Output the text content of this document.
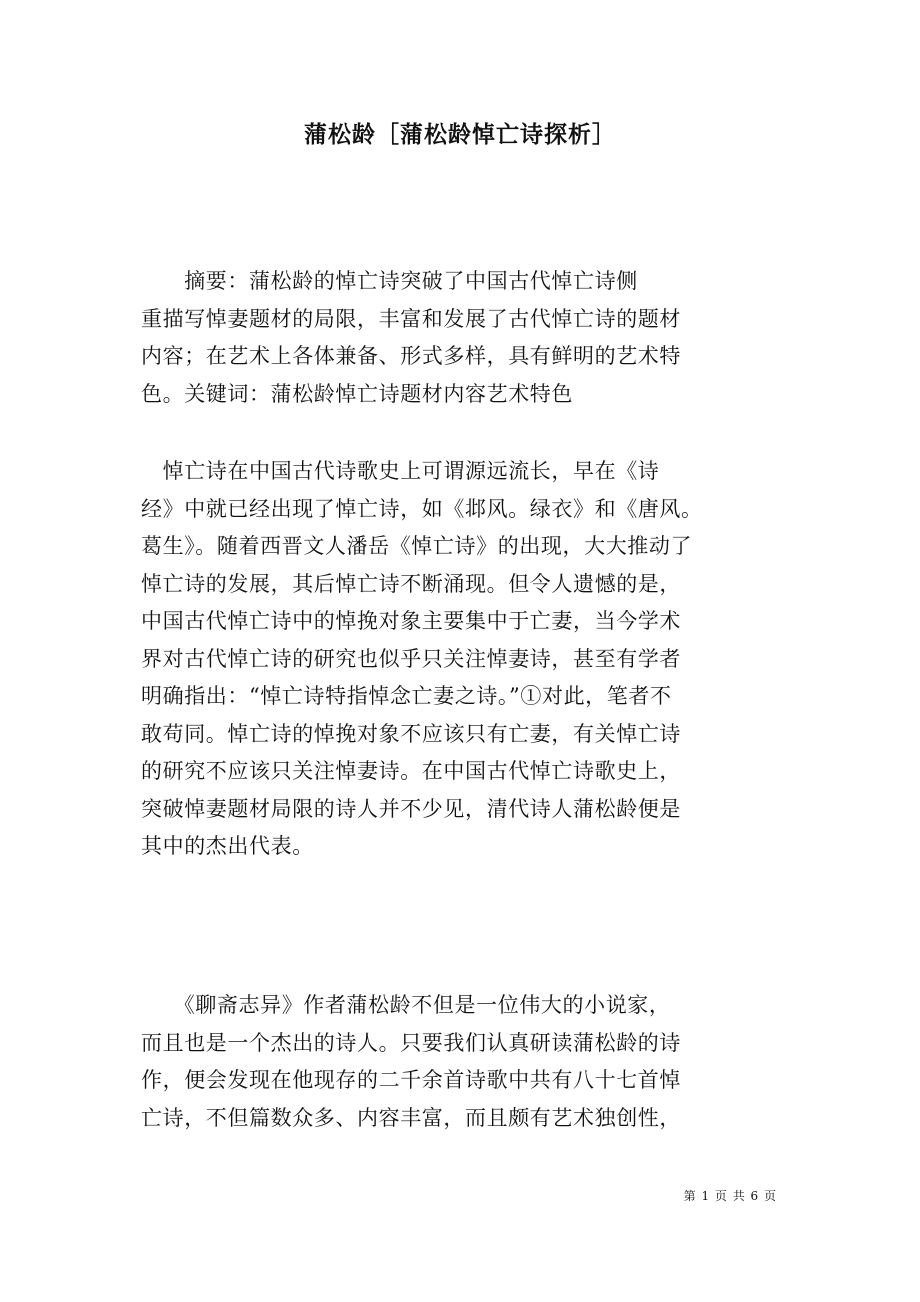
蒲松龄［蒲松龄悼亡诗探析］
　　摘要：蒲松龄的悼亡诗突破了中国古代悼亡诗侧
重描写悼妻题材的局限，丰富和发展了古代悼亡诗的题材
内容；在艺术上各体兼备、形式多样，具有鲜明的艺术特
色。关键词：蒲松龄悼亡诗题材内容艺术特色
　悼亡诗在中国古代诗歌史上可谓源远流长，早在《诗
经》中就已经出现了悼亡诗，如《邶风。绿衣》和《唐风。
葛生》。随着西晋文人潘岳《悼亡诗》的出现，大大推动了
悼亡诗的发展，其后悼亡诗不断涌现。但令人遗憾的是，
中国古代悼亡诗中的悼挽对象主要集中于亡妻，当今学术
界对古代悼亡诗的研究也似乎只关注悼妻诗，甚至有学者
明确指出：“悼亡诗特指悼念亡妻之诗。”①对此，笔者不
敢苟同。悼亡诗的悼挽对象不应该只有亡妻，有关悼亡诗
的研究不应该只关注悼妻诗。在中国古代悼亡诗歌史上，
突破悼妻题材局限的诗人并不少见，清代诗人蒲松龄便是
其中的杰出代表。
　　《聊斋志异》作者蒲松龄不但是一位伟大的小说家，
而且也是一个杰出的诗人。只要我们认真研读蒲松龄的诗
作，便会发现在他现存的二千余首诗歌中共有八十七首悼
亡诗，不但篇数众多、内容丰富，而且颇有艺术独创性，
第 1 页 共 6 页
